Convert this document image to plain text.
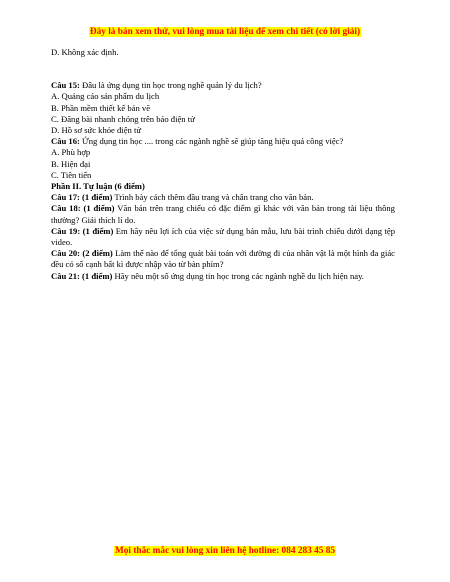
Đây là bản xem thử, vui lòng mua tài liệu để xem chi tiết (có lời giải)
D. Không xác định.
Câu 15: Đâu là ứng dụng tin học trong nghề quản lý du lịch?
A. Quảng cáo sản phẩm du lịch
B. Phần mềm thiết kế bản vẽ
C. Đăng bài nhanh chóng trên báo điện tử
D. Hồ sơ sức khỏe điện tử
Câu 16: Ứng dụng tin học .... trong các ngành nghề sẽ giúp tăng hiệu quả công việc?
A. Phù hợp
B. Hiện đại
C. Tiên tiến
Phần II. Tự luận (6 điểm)
Câu 17: (1 điểm) Trình bày cách thêm đầu trang và chân trang cho văn bản.
Câu 18: (1 điểm) Văn bản trên trang chiếu có đặc điểm gì khác với văn bản trong tài liệu thông thường? Giải thích lí do.
Câu 19: (1 điểm) Em hãy nêu lợi ích của việc sử dụng bản mẫu, lưu bài trình chiếu dưới dạng tệp video.
Câu 20: (2 điểm) Làm thế nào để tổng quát bài toán với đường đi của nhân vật là một hình đa giác đều có số cạnh bất kì được nhập vào từ bàn phím?
Câu 21: (1 điểm) Hãy nêu một số ứng dụng tin học trong các ngành nghề du lịch hiện nay.
Mọi thắc mắc vui lòng xin liên hệ hotline: 084 283 45 85
